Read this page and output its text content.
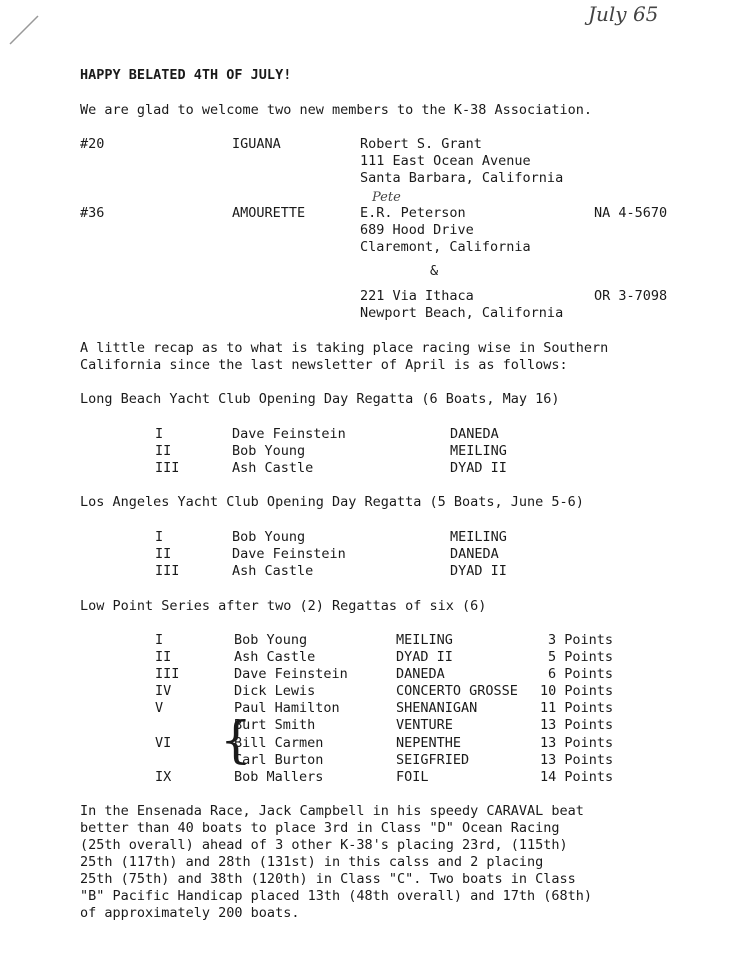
July 65
Pete
HAPPY BELATED 4TH OF JULY!
We are glad to welcome two new members to the K-38 Association.
#20	IGUANA	Robert S. Grant
111 East Ocean Avenue
Santa Barbara, California
#36	AMOURETTE	E.R. Peterson	NA 4-5670
689 Hood Drive
Claremont, California
&
221 Via Ithaca	OR 3-7098
Newport Beach, California
A little recap as to what is taking place racing wise in Southern
California since the last newsletter of April is as follows:
Long Beach Yacht Club Opening Day Regatta (6 Boats, May 16)
I	Dave Feinstein	DANEDA
II	Bob Young	MEILING
III	Ash Castle	DYAD II
Los Angeles Yacht Club Opening Day Regatta (5 Boats, June 5-6)
I	Bob Young	MEILING
II	Dave Feinstein	DANEDA
III	Ash Castle	DYAD II
Low Point Series after two (2) Regattas of six (6)
I	Bob Young	MEILING	3 Points
II	Ash Castle	DYAD II	5 Points
III	Dave Feinstein	DANEDA	6 Points
IV	Dick Lewis	CONCERTO GROSSE 10 Points
V	Paul Hamilton	SHENANIGAN	11 Points
{
Burt Smith	VENTURE	13 Points
VI	Bill Carmen	NEPENTHE	13 Points
Carl Burton	SEIGFRIED	13 Points
IX	Bob Mallers	FOIL	14 Points
In the Ensenada Race, Jack Campbell in his speedy CARAVAL beat
better than 40 boats to place 3rd in Class "D" Ocean Racing
(25th overall) ahead of 3 other K-38's placing 23rd, (115th)
25th (117th) and 28th (131st) in this calss and 2 placing
25th (75th) and 38th (120th) in Class "C". Two boats in Class
"B" Pacific Handicap placed 13th (48th overall) and 17th (68th)
of approximately 200 boats.
